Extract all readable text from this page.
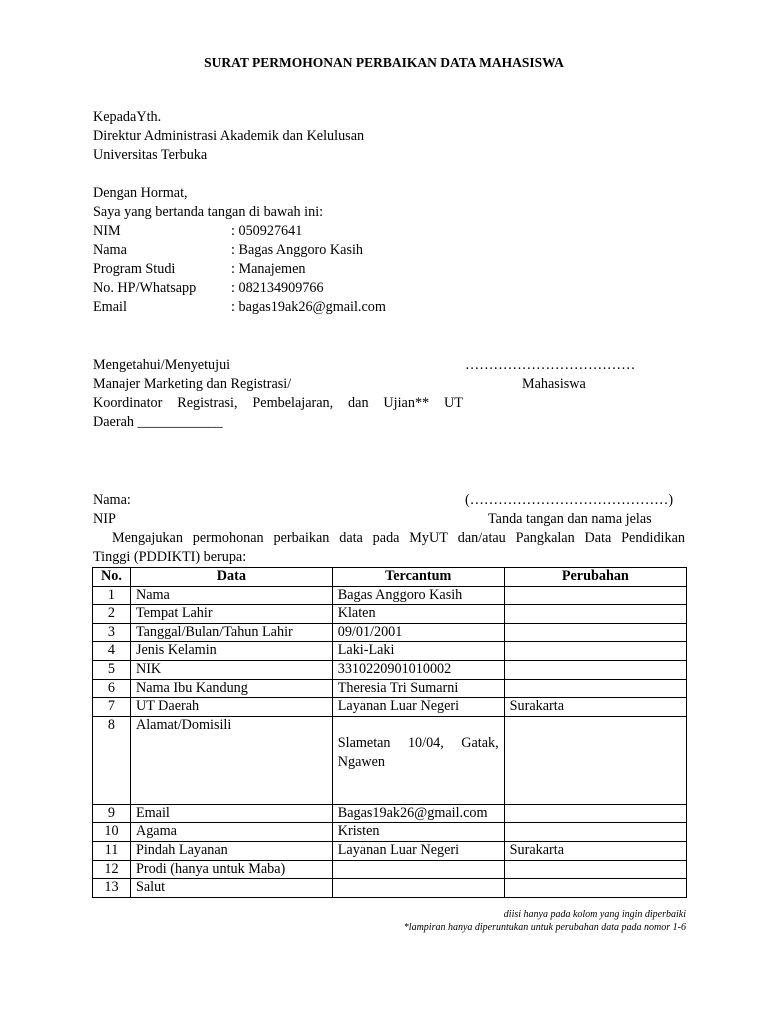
SURAT PERMOHONAN PERBAIKAN DATA MAHASISWA
KepadaYth.
Direktur Administrasi Akademik dan Kelulusan
Universitas Terbuka
Dengan Hormat,
Saya yang bertanda tangan di bawah ini:
NIM	: 050927641
Nama	: Bagas Anggoro Kasih
Program Studi	: Manajemen
No. HP/Whatsapp : 082134909766
Email	: bagas19ak26@gmail.com
Mengetahui/Menyetujui	………………………………
Manajer Marketing dan Registrasi/	Mahasiswa
Koordinator Registrasi, Pembelajaran, dan Ujian** UT
Daerah ____________
Nama:	(……………………………………)
NIP	Tanda tangan dan nama jelas
Mengajukan permohonan perbaikan data pada MyUT dan/atau Pangkalan Data Pendidikan
Tinggi (PDDIKTI) berupa:
No.	Data	Tercantum	Perubahan
1	Nama	Bagas Anggoro Kasih	
2	Tempat Lahir	Klaten	
3	Tanggal/Bulan/Tahun Lahir	09/01/2001	
4	Jenis Kelamin	Laki-Laki	
5	NIK	3310220901010002	
6	Nama Ibu Kandung	Theresia Tri Sumarni	
7	UT Daerah	Layanan Luar Negeri	Surakarta
8	Alamat/Domisili	Slametan 10/04, Gatak,
Ngawen	

9	Email	Bagas19ak26@gmail.com	
10	Agama	Kristen	
11	Pindah Layanan	Layanan Luar Negeri	Surakarta
12	Prodi (hanya untuk Maba)		
13	Salut		
diisi hanya pada kolom yang ingin diperbaiki
*lampiran hanya diperuntukan untuk perubahan data pada nomor 1-6
